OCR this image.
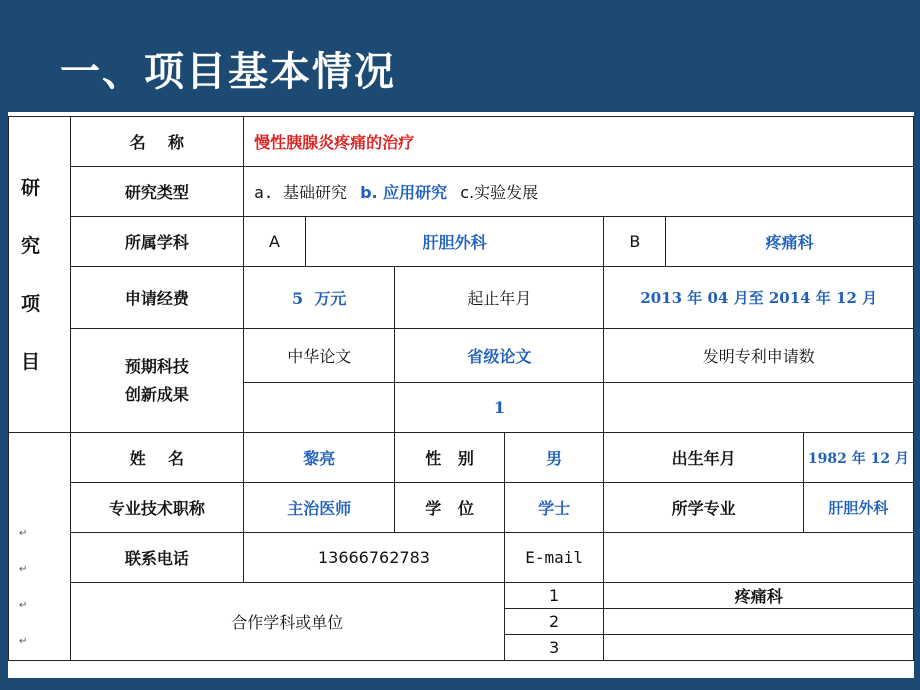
一、项目基本情况
研
究
项
目	名    称	慢性胰腺炎疼痛的治疗						
	研究类型	a. 基础研究 b. 应用研究 c.实验发展						
	所属学科	A	肝胆外科			B	疼痛科	
	申请经费	5  万元		起止年月		2013 年 04 月至 2014 年 12 月		

	预期科技
创新成果	中华论文		省级论文		发明专利申请数		
				1				

↵
↵
↵
↵	姓    名	黎亮		性   别	男	出生年月		1982 年 12 月
	专业技术职称	主治医师		学   位	学士	所学专业		肝胆外科
	联系电话	13666762783			E-mail			
	合作学科或单位				1	疼痛科		
					2			
					3			
